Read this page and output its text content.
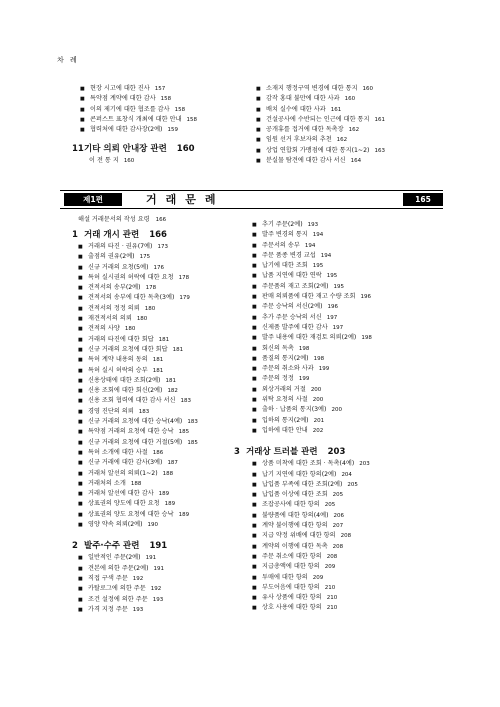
차 례
■ 현장 시고에 대한 진사 157
■ 특약점 계약에 대한 감사 158
■ 이의 제기에 대한 협조를 감사 158
■ 콘퍼스트 표창식 개최에 대한 안내 158
■ 협력처에 대한 감사장(2예) 159
11 기타 의뢰 안내장 관련 160
이 전 통 지 160
■ 소재지 행정구역 변경에 대한 통지 160
■ 감작 홍대 불만에 대한 사과 160
■ 배치 실수에 대한 사과 161
■ 건설공사에 수반되는 인근에 대한 통지 161
■ 공개휴를 접거에 대한 독촉장 162
■ 임원 선거 후보자의 추천 162
■ 상업 연합회 가맹점에 대한 통지(1~2) 163
■ 분실물 탐견에 대한 감사 서신 164
제1편	거래문례	165
해설 거래문서의 작성 요령 166
1 거래 개시 관련 166
■ 거래의 타진 · 권유(7예) 173
■ 출점의 권유(2예) 175
■ 신규 거래의 요청(5예) 176
■ 특허 실시권의 허락에 대한 요청 178
■ 견적서의 송부(2예) 178
■ 견적서의 송부에 대한 독촉(3예) 179
■ 견적서의 정정 의뢰 180
■ 재견적서의 의뢰 180
■ 견적의 사양 180
■ 거래의 타진에 대한 회답 181
■ 신규 거래의 요청에 대한 회답 181
■ 특허 계약 내용의 동의 181
■ 특허 실시 허락의 승부 181
■ 신용상태에 대한 조회(2예) 181
■ 신용 조회에 대한 회신(2예) 182
■ 신용 조회 협력에 대한 감사 서신 183
■ 경영 진단의 의뢰 183
■ 신규 거래의 요청에 대한 승낙(4예) 183
■ 특약점 거래의 요청에 대한 승낙 185
■ 신규 거래의 요청에 대한 거절(5예) 185
■ 특허 소개에 대한 사절 186
■ 신규 거래에 대한 감사(3예) 187
■ 거래처 알선의 의뢰(1~2) 188
■ 거래처의 소개 188
■ 거래처 알선에 대한 감사 189
■ 상표권의 양도에 대한 요청 189
■ 상표권의 양도 요청에 대한 승낙 189
■ 영양 약속 의뢰(2예) 190
2 발주·수주 관련 191
■ 일반적인 주문(2예) 191
■ 견본에 의한 주문(2예) 191
■ 직접 구색 주문 192
■ 카탈로그에 의한 주문 192
■ 조건 설정에 의한 주문 193
■ 가격 지정 주문 193
■ 추기 주문(2예) 193
■ 발주 변경의 통지 194
■ 주문서의 송부 194
■ 주문 품종 변경 교섭 194
■ 납기에 대한 조회 195
■ 납품 지연에 대한 연락 195
■ 주문품의 재고 조회(2예) 195
■ 판매 의뢰품에 대한 재고 수량 조회 196
■ 주문 승낙의 서신(2예) 196
■ 추가 주문 승낙의 서신 197
■ 신제품 발주에 대한 감사 197
■ 발주 내용에 대한 재검토 의뢰(2예) 198
■ 회신의 독촉 198
■ 품질의 통지(2예) 198
■ 주문의 취소와 사과 199
■ 주문의 정정 199
■ 외상거래의 거절 200
■ 위탁 요청의 사절 200
■ 출하 · 납품의 통지(3예) 200
■ 입하의 통지(2예) 201
■ 입하에 대한 안내 202
3 거래상 트러블 관련 203
■ 상품 미착에 대한 조회 · 독촉(4예) 203
■ 납기 지연에 대한 항의(2예) 204
■ 납입품 부족에 대한 조회(2예) 205
■ 납입품 이상에 대한 조회 205
■ 조잡공사에 대한 항의 205
■ 불량품에 대한 항의(4예) 206
■ 계약 불이행에 대한 항의 207
■ 지급 약정 위배에 대한 항의 208
■ 계약의 이행에 대한 독촉 208
■ 주문 취소에 대한 항의 208
■ 지급총액에 대한 항의 209
■ 투매에 대한 항의 209
■ 부도어음에 대한 항의 210
■ 유사 상품에 대한 항의 210
■ 상호 사용에 대한 항의 210
